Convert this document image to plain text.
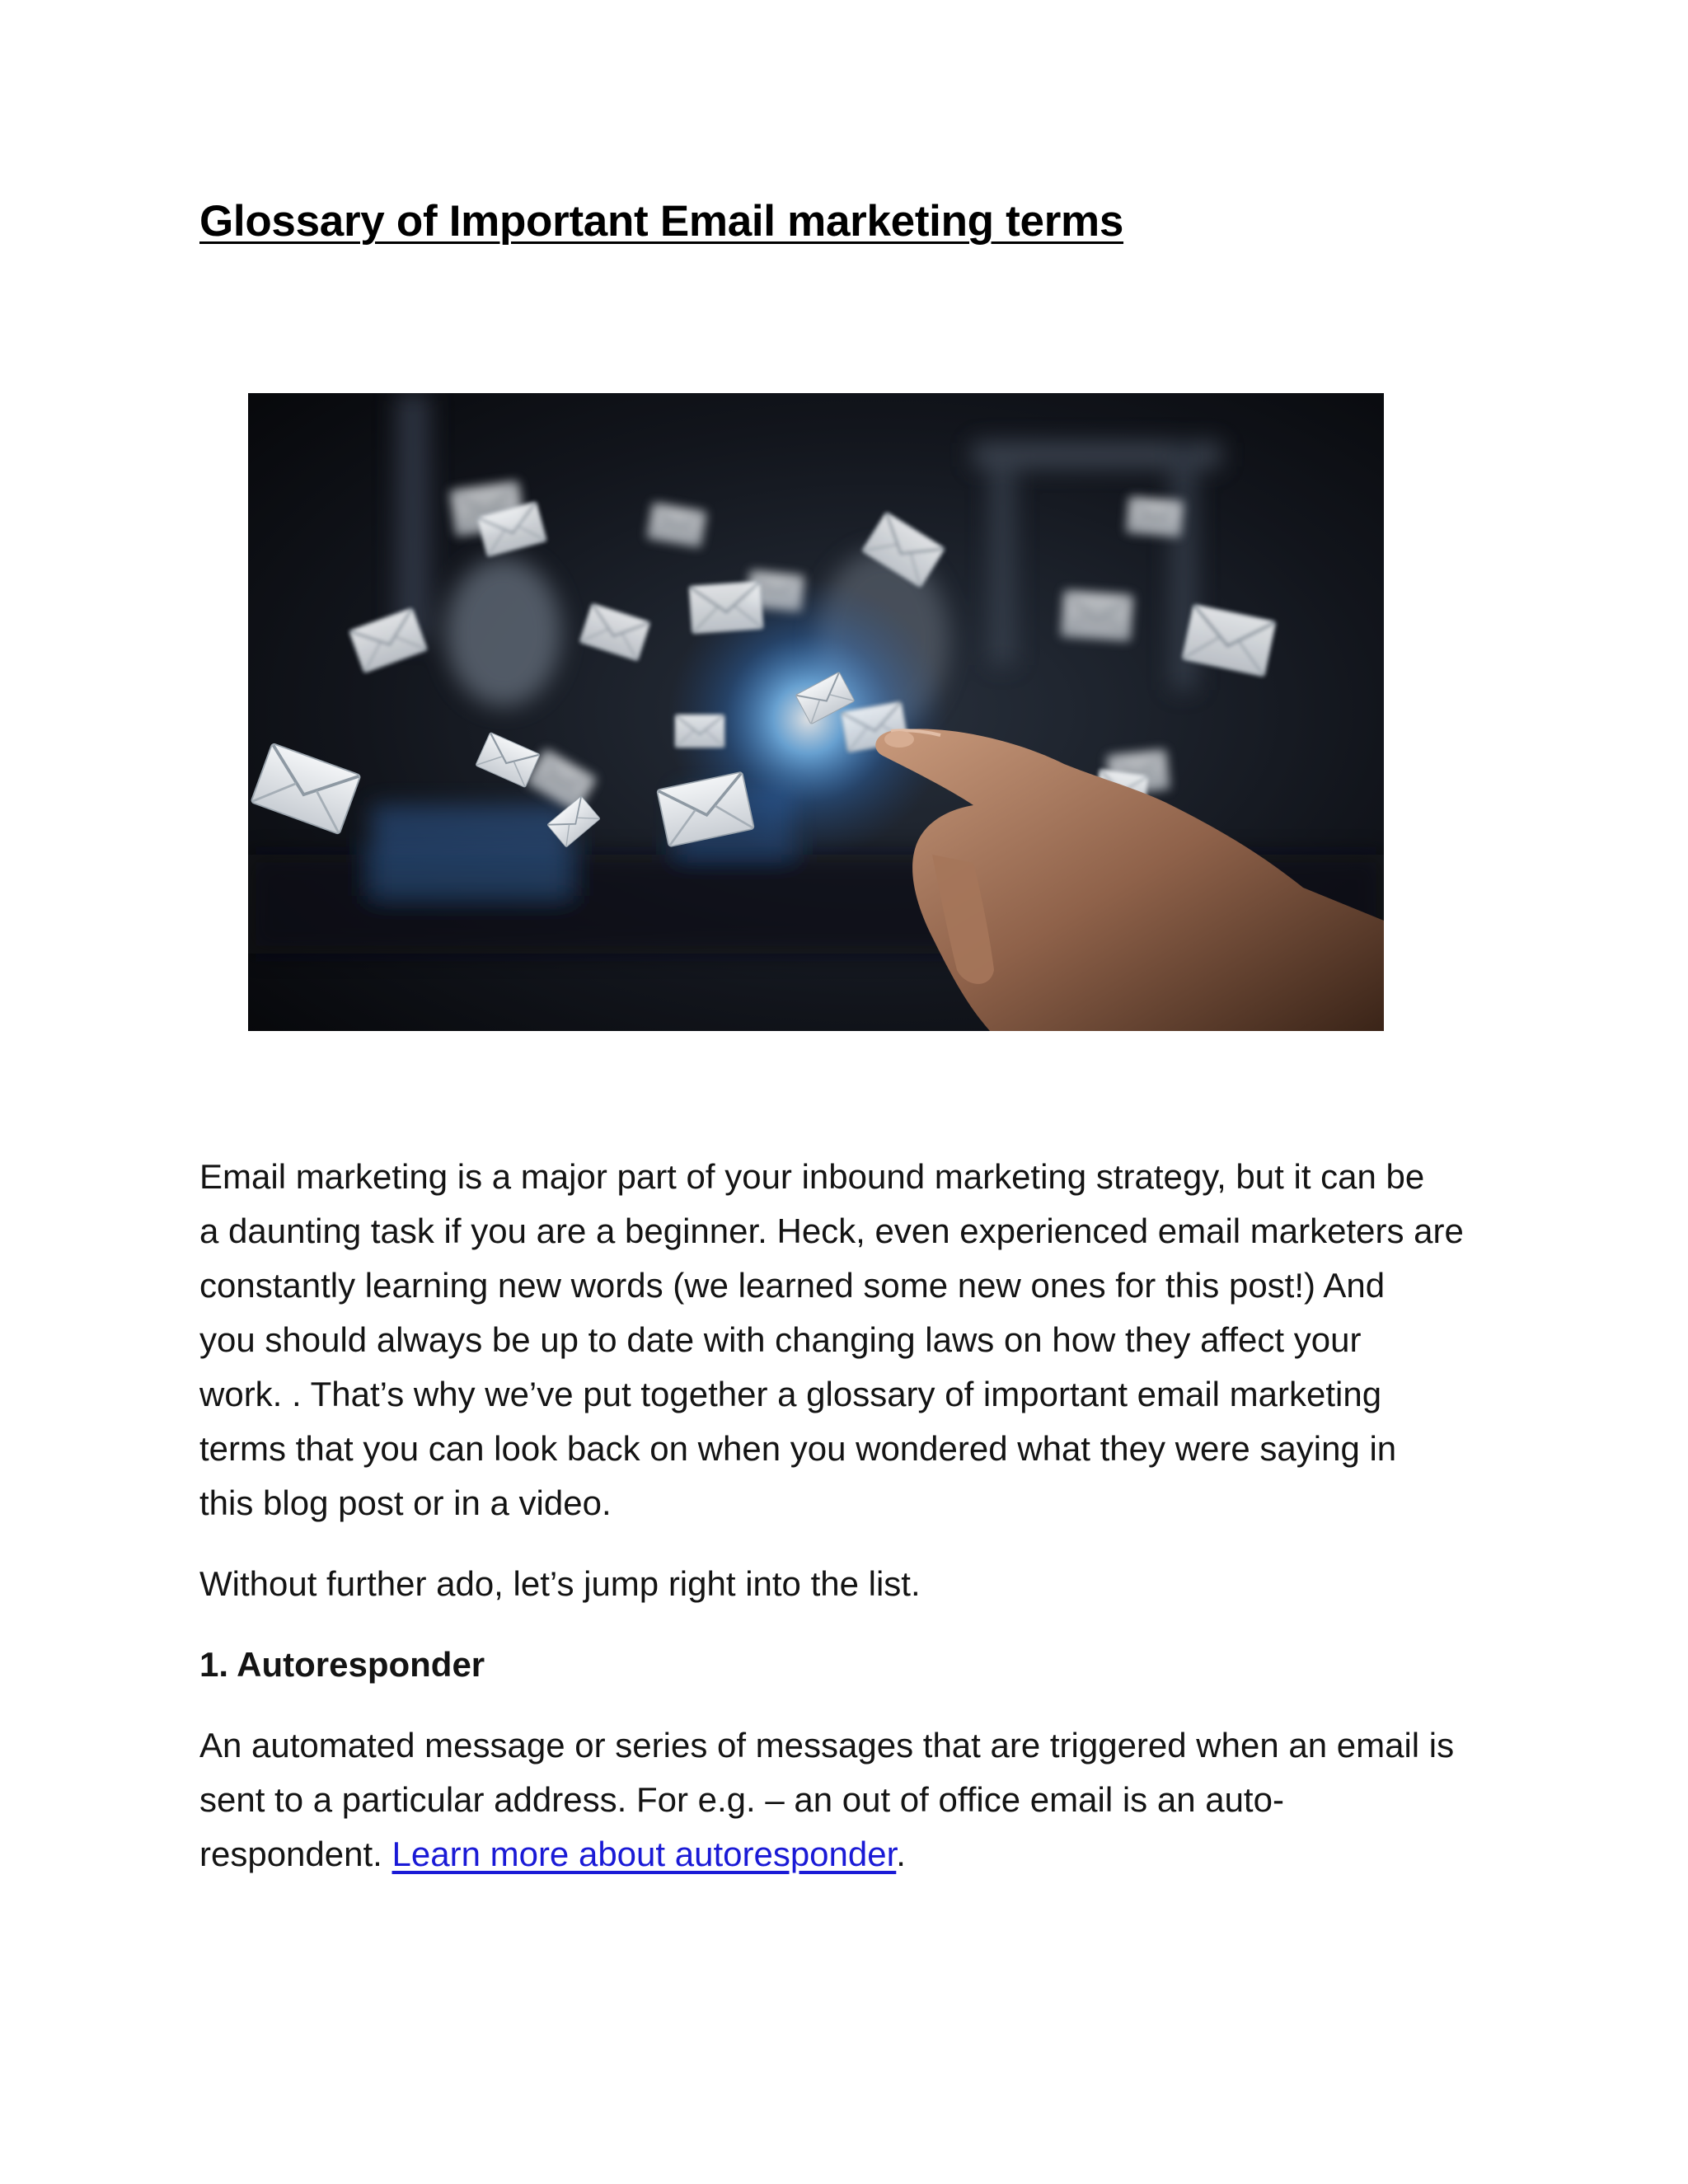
Glossary of Important Email marketing terms

Email marketing is a major part of your inbound marketing strategy, but it can be
a daunting task if you are a beginner. Heck, even experienced email marketers are
constantly learning new words (we learned some new ones for this post!) And
you should always be up to date with changing laws on how they affect your
work. . That’s why we’ve put together a glossary of important email marketing
terms that you can look back on when you wondered what they were saying in
this blog post or in a video.

Without further ado, let’s jump right into the list.

1. Autoresponder

An automated message or series of messages that are triggered when an email is
sent to a particular address. For e.g. – an out of office email is an auto-
respondent. Learn more about autoresponder.
